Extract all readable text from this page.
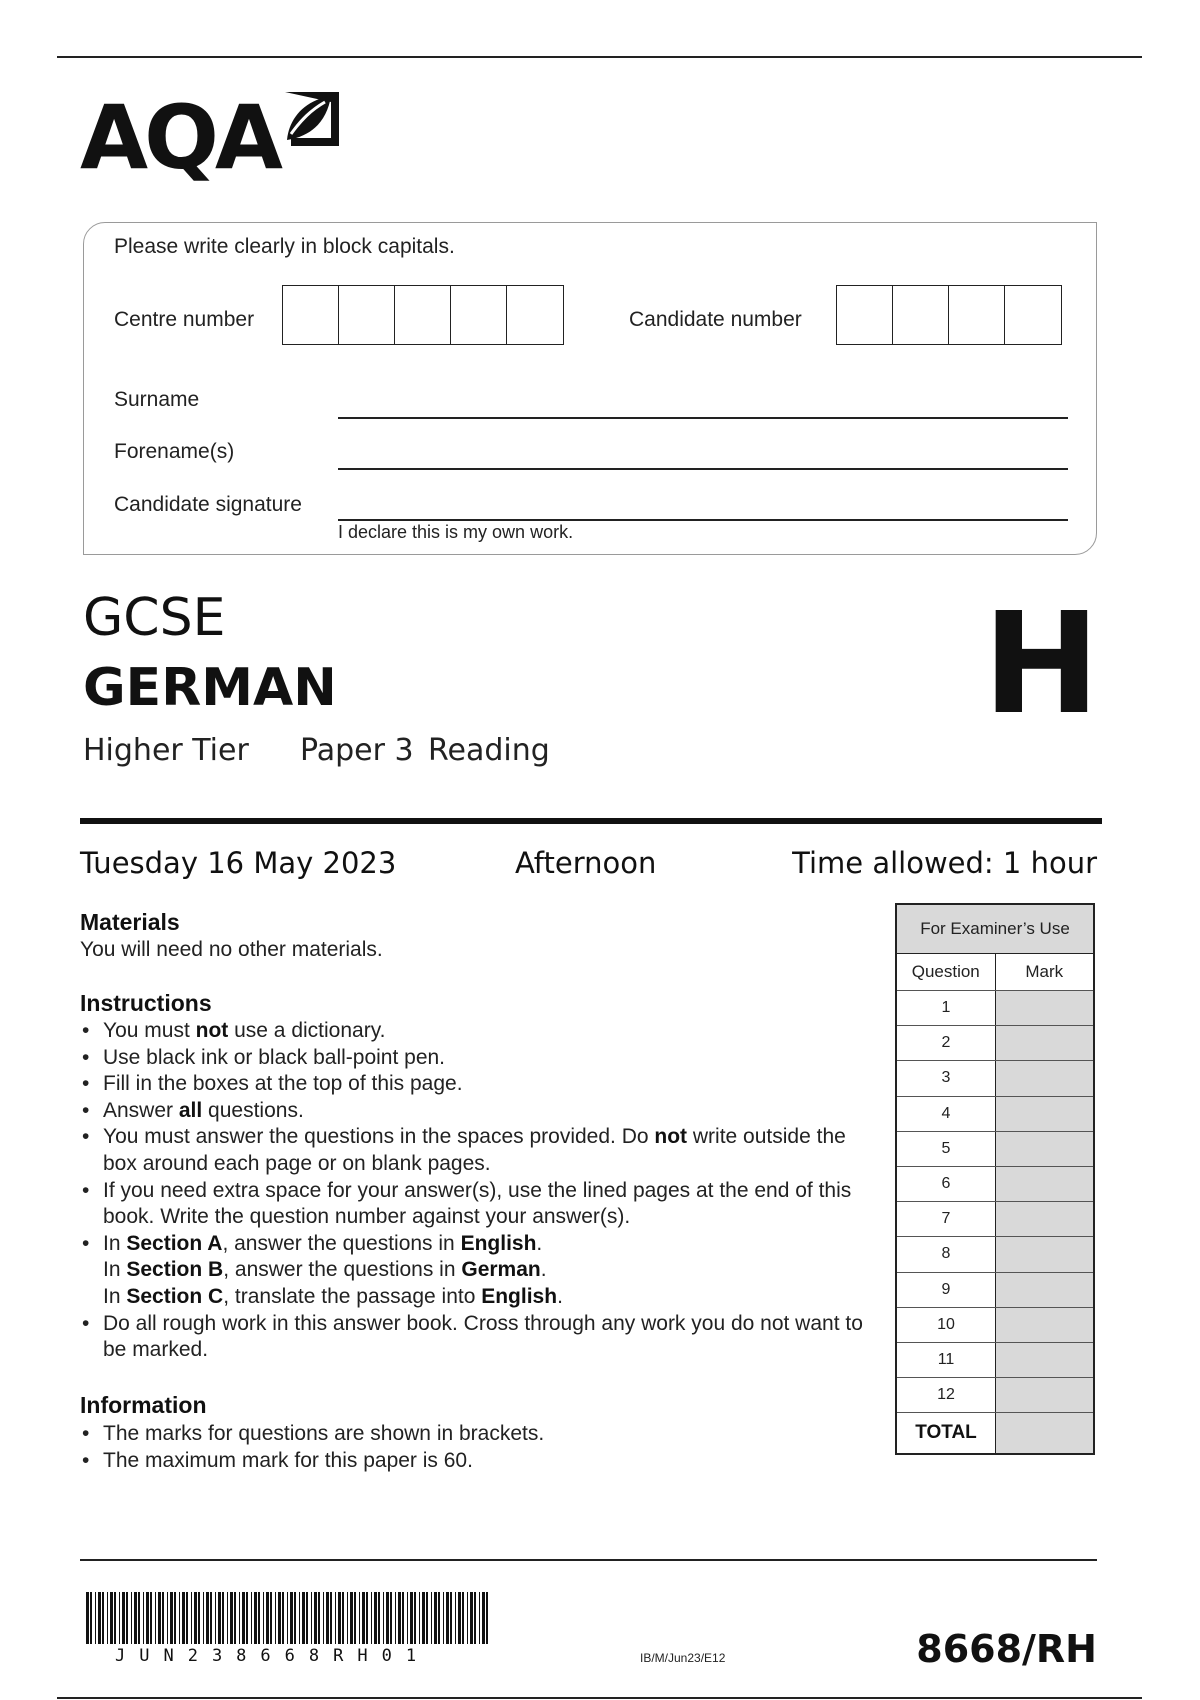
AQA
Please write clearly in block capitals.
Centre number	Candidate number
Surname
Forename(s)
Candidate signature
I declare this is my own work.
GCSE
GERMAN	H
Higher Tier Paper 3 Reading
Tuesday 16 May 2023	Afternoon	Time allowed: 1 hour
Materials
You will need no other materials.
Instructions
• You must not use a dictionary.
• Use black ink or black ball-point pen.
• Fill in the boxes at the top of this page.
• Answer all questions.
• You must answer the questions in the spaces provided. Do not write outside the box around each page or on blank pages.
• If you need extra space for your answer(s), use the lined pages at the end of this book. Write the question number against your answer(s).
• In Section A, answer the questions in English.
In Section B, answer the questions in German.
In Section C, translate the passage into English.
• Do all rough work in this answer book. Cross through any work you do not want to be marked.
Information
• The marks for questions are shown in brackets.
• The maximum mark for this paper is 60.
For Examiner’s Use
Question	Mark
1
2
3
4
5
6
7
8
9
10
11
12
TOTAL
JUN238668RH01	IB/M/Jun23/E12	8668/RH
